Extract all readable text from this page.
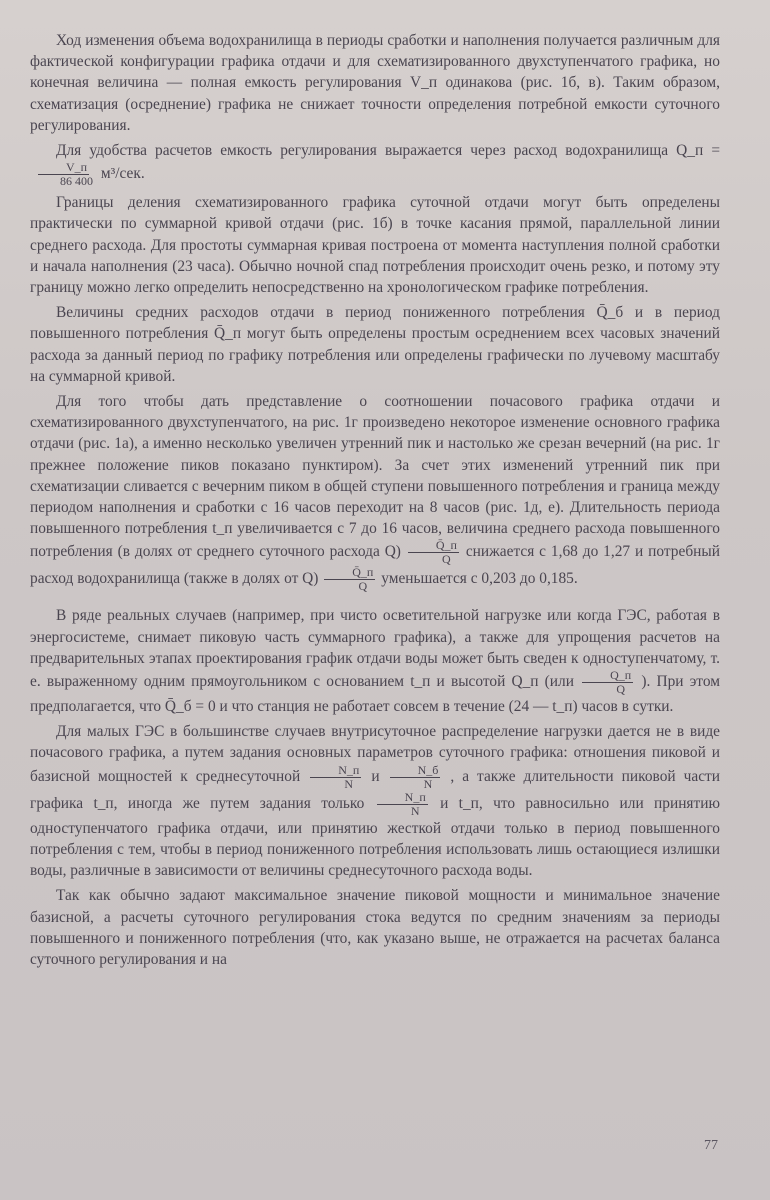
Ход изменения объема водохранилища в периоды сработки и наполнения получается различным для фактической конфигурации графика отдачи и для схематизированного двухступенчатого графика, но конечная величина — полная емкость регулирования V_п одинакова (рис. 1б, в). Таким образом, схематизация (осреднение) графика не снижает точности определения потребной емкости суточного регулирования.

Для удобства расчетов емкость регулирования выражается через расход водохранилища Q_п =
$\frac{V\_п}{86 400} м^3/сек$.

Границы деления схематизированного графика суточной отдачи могут быть определены практически по суммарной кривой отдачи (рис. 1б) в точке касания прямой, параллельной линии среднего расхода. Для простоты суммарная кривая построена от момента наступления полной сработки и начала наполнения (23 часа). Обычно ночной спад потребления происходит очень резко, и потому эту границу можно легко определить непосредственно на хронологическом графике потребления.

Величины средних расходов отдачи в период пониженного потребления Q̄_б и в период повышенного потребления Q̄_п могут быть определены простым осреднением всех часовых значений расхода за данный период по графику потребления или определены графически по лучевому масштабу на суммарной кривой.

Для того чтобы дать представление о соотношении почасового графика отдачи и схематизированного двухступенчатого, на рис. 1г произведено некоторое изменение основного графика отдачи (рис. 1а), а именно несколько увеличен утренний пик и настолько же срезан вечерний (на рис. 1г прежнее положение пиков показано пунктиром). За счет этих изменений утренний пик при схематизации сливается с вечерним пиком в общей ступени повышенного потребления и граница между периодом наполнения и сработки с 16 часов переходит на 8 часов (рис. 1д, е). Длительность периода повышенного потребления t_п увеличивается с 7 до 16 часов, величина среднего расхода повышенного потребления (в долях от среднего суточного расхода $Q) \frac{Q̄\_п}{Q}$ снижается с 1,68 до 1,27 и потребный расход водохранилища (также в долях от $Q) \frac{Q̄\_п}{Q}$ уменьшается с 0,203 до 0,185.

В ряде реальных случаев (например, при чисто осветительной нагрузке или когда ГЭС, работая в энергосистеме, снимает пиковую часть суммарного графика), а также для упрощения расчетов на предварительных этапах проектирования график отдачи воды может быть сведен к одноступенчатому, т. е. выраженному одним прямоугольником с основанием t_п и высотой Q_п ($или \frac{Q\_п}{Q}$ ). При этом предполагается, что Q̄_б = 0 и что станция не работает совсем в течение (24 — t_п) часов в сутки.

Для малых ГЭС в большинстве случаев внутрисуточное распределение нагрузки дается не в виде почасового графика, а путем задания основных параметров суточного графика: отношения пиковой и базисной мощностей к среднесуточной $\frac{N\_п}{N}$ и $\frac{N\_б}{N}$ , а также длительности пиковой части графика t_п, иногда же путем задания только $\frac{N\_п}{N}$ и t_п, что равносильно или принятию одноступенчатого графика отдачи, или принятию жесткой отдачи только в период повышенного потребления с тем, чтобы в период пониженного потребления использовать лишь остающиеся излишки воды, различные в зависимости от величины среднесуточного расхода воды.

Так как обычно задают максимальное значение пиковой мощности и минимальное значение базисной, а расчеты суточного регулирования стока ведутся по средним значениям за периоды повышенного и пониженного потребления (что, как указано выше, не отражается на расчетах баланса суточного регулирования и на

77
